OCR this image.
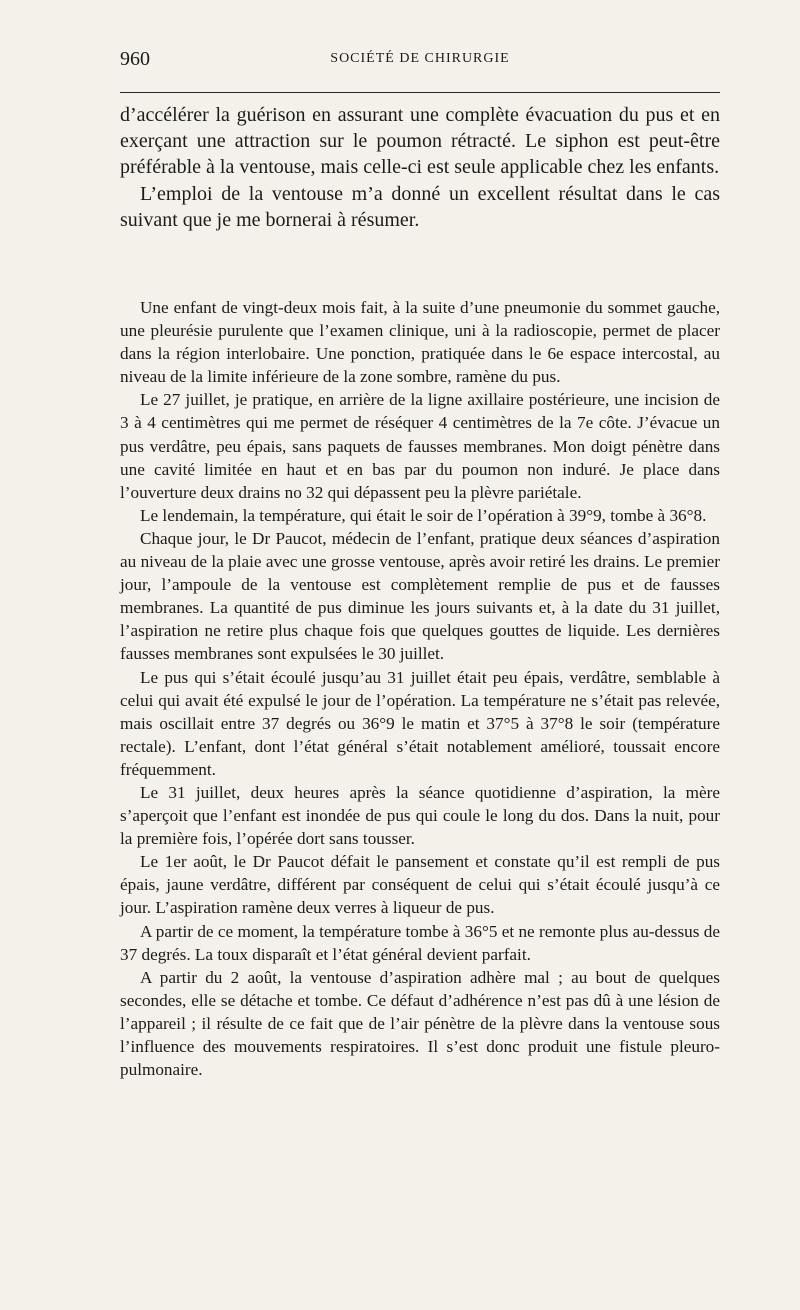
960	SOCIÉTÉ DE CHIRURGIE

d’accélérer la guérison en assurant une complète évacuation du pus et en exerçant une attraction sur le poumon rétracté. Le siphon est peut-être préférable à la ventouse, mais celle-ci est seule applicable chez les enfants.

L’emploi de la ventouse m’a donné un excellent résultat dans le cas suivant que je me bornerai à résumer.

Une enfant de vingt-deux mois fait, à la suite d’une pneumonie du sommet gauche, une pleurésie purulente que l’examen clinique, uni à la radioscopie, permet de placer dans la région interlobaire. Une ponction, pratiquée dans le 6e espace intercostal, au niveau de la limite inférieure de la zone sombre, ramène du pus.

Le 27 juillet, je pratique, en arrière de la ligne axillaire postérieure, une incision de 3 à 4 centimètres qui me permet de réséquer 4 centimètres de la 7e côte. J’évacue un pus verdâtre, peu épais, sans paquets de fausses membranes. Mon doigt pénètre dans une cavité limitée en haut et en bas par du poumon non induré. Je place dans l’ouverture deux drains no 32 qui dépassent peu la plèvre pariétale.

Le lendemain, la température, qui était le soir de l’opération à 39°9, tombe à 36°8.

Chaque jour, le Dr Paucot, médecin de l’enfant, pratique deux séances d’aspiration au niveau de la plaie avec une grosse ventouse, après avoir retiré les drains. Le premier jour, l’ampoule de la ventouse est complètement remplie de pus et de fausses membranes. La quantité de pus diminue les jours suivants et, à la date du 31 juillet, l’aspiration ne retire plus chaque fois que quelques gouttes de liquide. Les dernières fausses membranes sont expulsées le 30 juillet.

Le pus qui s’était écoulé jusqu’au 31 juillet était peu épais, verdâtre, semblable à celui qui avait été expulsé le jour de l’opération. La température ne s’était pas relevée, mais oscillait entre 37 degrés ou 36°9 le matin et 37°5 à 37°8 le soir (température rectale). L’enfant, dont l’état général s’était notablement amélioré, toussait encore fréquemment.

Le 31 juillet, deux heures après la séance quotidienne d’aspiration, la mère s’aperçoit que l’enfant est inondée de pus qui coule le long du dos. Dans la nuit, pour la première fois, l’opérée dort sans tousser.

Le 1er août, le Dr Paucot défait le pansement et constate qu’il est rempli de pus épais, jaune verdâtre, différent par conséquent de celui qui s’était écoulé jusqu’à ce jour. L’aspiration ramène deux verres à liqueur de pus.

A partir de ce moment, la température tombe à 36°5 et ne remonte plus au-dessus de 37 degrés. La toux disparaît et l’état général devient parfait.

A partir du 2 août, la ventouse d’aspiration adhère mal ; au bout de quelques secondes, elle se détache et tombe. Ce défaut d’adhérence n’est pas dû à une lésion de l’appareil ; il résulte de ce fait que de l’air pénètre de la plèvre dans la ventouse sous l’influence des mouvements respiratoires. Il s’est donc produit une fistule pleuro-pulmonaire.
